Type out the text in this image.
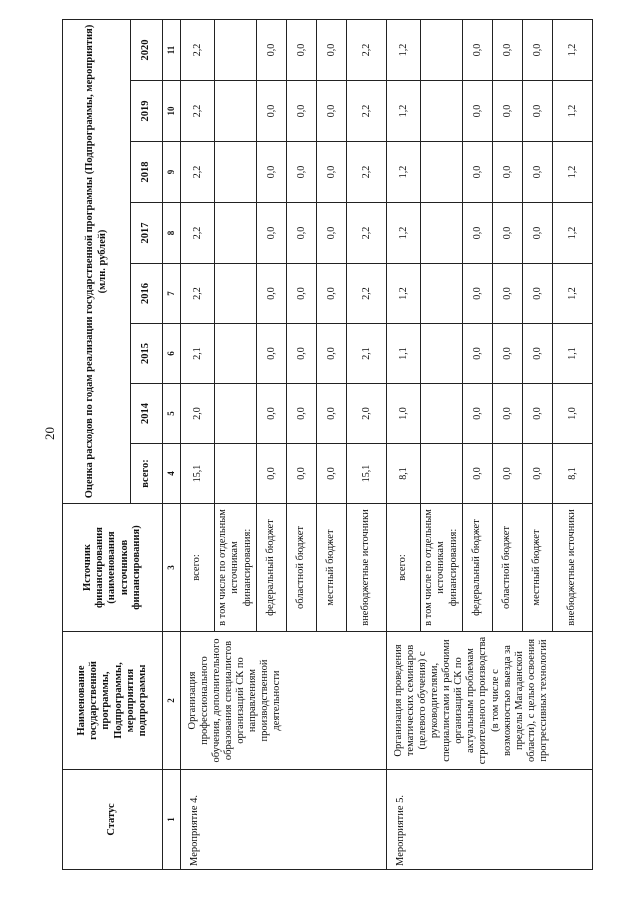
20
Статус	Наименование государственной программы, Подпрограммы, мероприятия подпрограммы	Источник финансирования (наименования источников финансирования)	Оценка расходов по годам реализации государственной программы (Подпрограммы, мероприятия) (млн. рублей)							
			всего:	2014	2015	2016	2017	2018	2019	2020
1	2	3	4	5	6	7	8	9	10	11
Мероприятие 4.	Организация профессионального обучения, дополнительного образования специалистов организаций СК по направлениям производственной деятельности	всего:	15,1	2,0	2,1	2,2	2,2	2,2	2,2	2,2
		в том числе по отдельным источникам финансирования:								
		федеральный бюджет	0,0	0,0	0,0	0,0	0,0	0,0	0,0	0,0
		областной бюджет	0,0	0,0	0,0	0,0	0,0	0,0	0,0	0,0
		местный бюджет	0,0	0,0	0,0	0,0	0,0	0,0	0,0	0,0
		внебюджетные источники	15,1	2,0	2,1	2,2	2,2	2,2	2,2	2,2
Мероприятие 5.	Организация проведения тематических семинаров (целевого обучения) с руководителями, специалистами и рабочими организаций СК по актуальным проблемам строительного производства (в том числе с возможностью выезда за пределы Магаданской области), с целью освоения прогрессивных технологий	всего:	8,1	1,0	1,1	1,2	1,2	1,2	1,2	1,2
		в том числе по отдельным источникам финансирования:								
		федеральный бюджет	0,0	0,0	0,0	0,0	0,0	0,0	0,0	0,0
		областной бюджет	0,0	0,0	0,0	0,0	0,0	0,0	0,0	0,0
		местный бюджет	0,0	0,0	0,0	0,0	0,0	0,0	0,0	0,0
		внебюджетные источники	8,1	1,0	1,1	1,2	1,2	1,2	1,2	1,2
